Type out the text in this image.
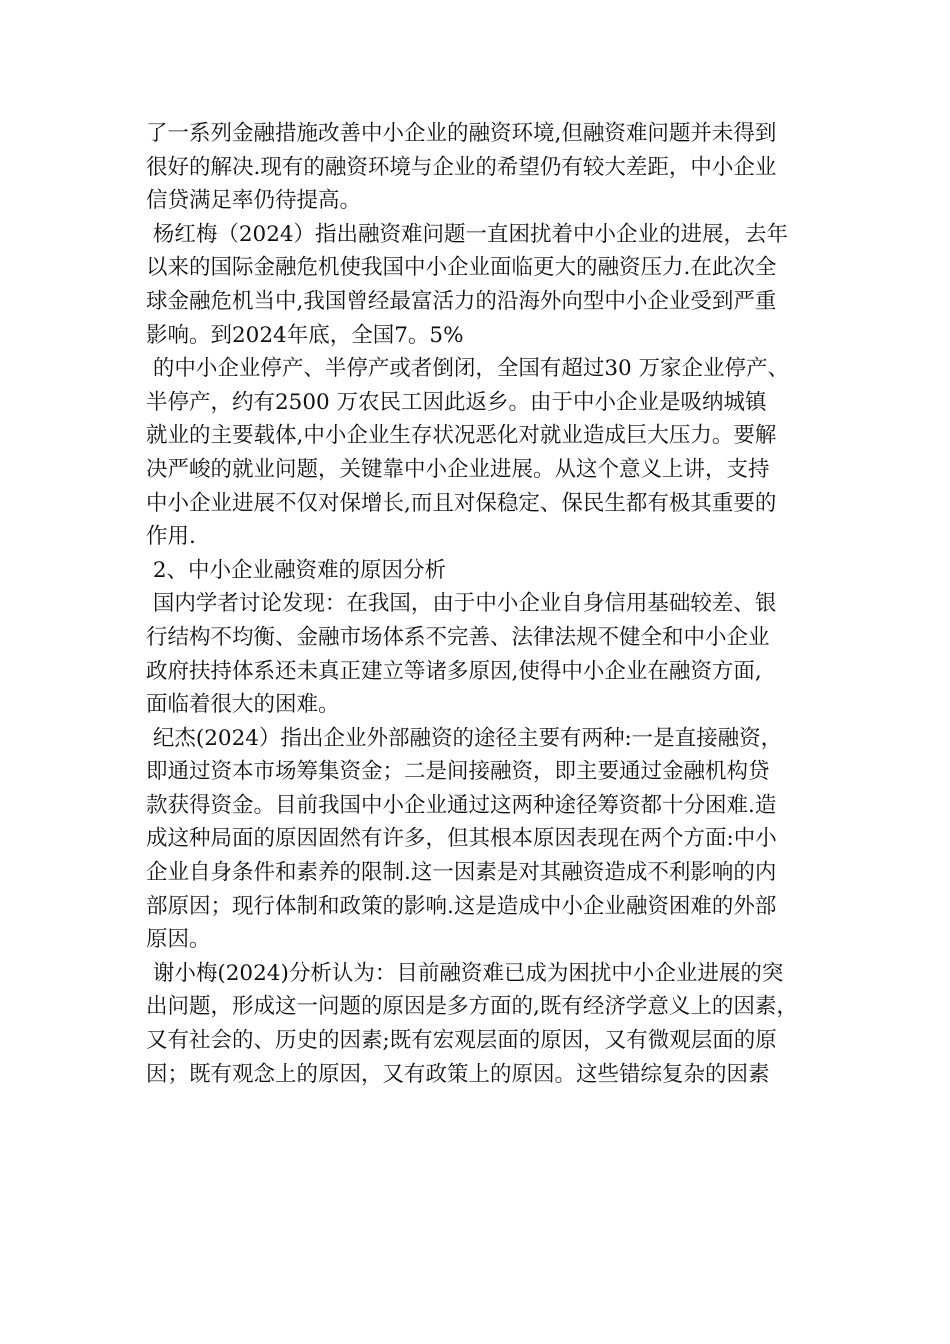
了一系列金融措施改善中小企业的融资环境,但融资难问题并未得到
很好的解决.现有的融资环境与企业的希望仍有较大差距，中小企业
信贷满足率仍待提高。
杨红梅（2024）指出融资难问题一直困扰着中小企业的进展，去年
以来的国际金融危机使我国中小企业面临更大的融资压力.在此次全
球金融危机当中,我国曾经最富活力的沿海外向型中小企业受到严重
影响。到2024年底，全国7。5%
的中小企业停产、半停产或者倒闭，全国有超过30 万家企业停产、
半停产，约有2500 万农民工因此返乡。由于中小企业是吸纳城镇
就业的主要载体,中小企业生存状况恶化对就业造成巨大压力。要解
决严峻的就业问题，关键靠中小企业进展。从这个意义上讲，支持
中小企业进展不仅对保增长,而且对保稳定、保民生都有极其重要的
作用.
2、中小企业融资难的原因分析
国内学者讨论发现：在我国，由于中小企业自身信用基础较差、银
行结构不均衡、金融市场体系不完善、法律法规不健全和中小企业
政府扶持体系还未真正建立等诸多原因,使得中小企业在融资方面,
面临着很大的困难。
纪杰(2024）指出企业外部融资的途径主要有两种:一是直接融资，
即通过资本市场筹集资金；二是间接融资，即主要通过金融机构贷
款获得资金。目前我国中小企业通过这两种途径筹资都十分困难.造
成这种局面的原因固然有许多，但其根本原因表现在两个方面:中小
企业自身条件和素养的限制.这一因素是对其融资造成不利影响的内
部原因；现行体制和政策的影响.这是造成中小企业融资困难的外部
原因。
谢小梅(2024)分析认为：目前融资难已成为困扰中小企业进展的突
出问题，形成这一问题的原因是多方面的,既有经济学意义上的因素，
又有社会的、历史的因素;既有宏观层面的原因，又有微观层面的原
因；既有观念上的原因，又有政策上的原因。这些错综复杂的因素
